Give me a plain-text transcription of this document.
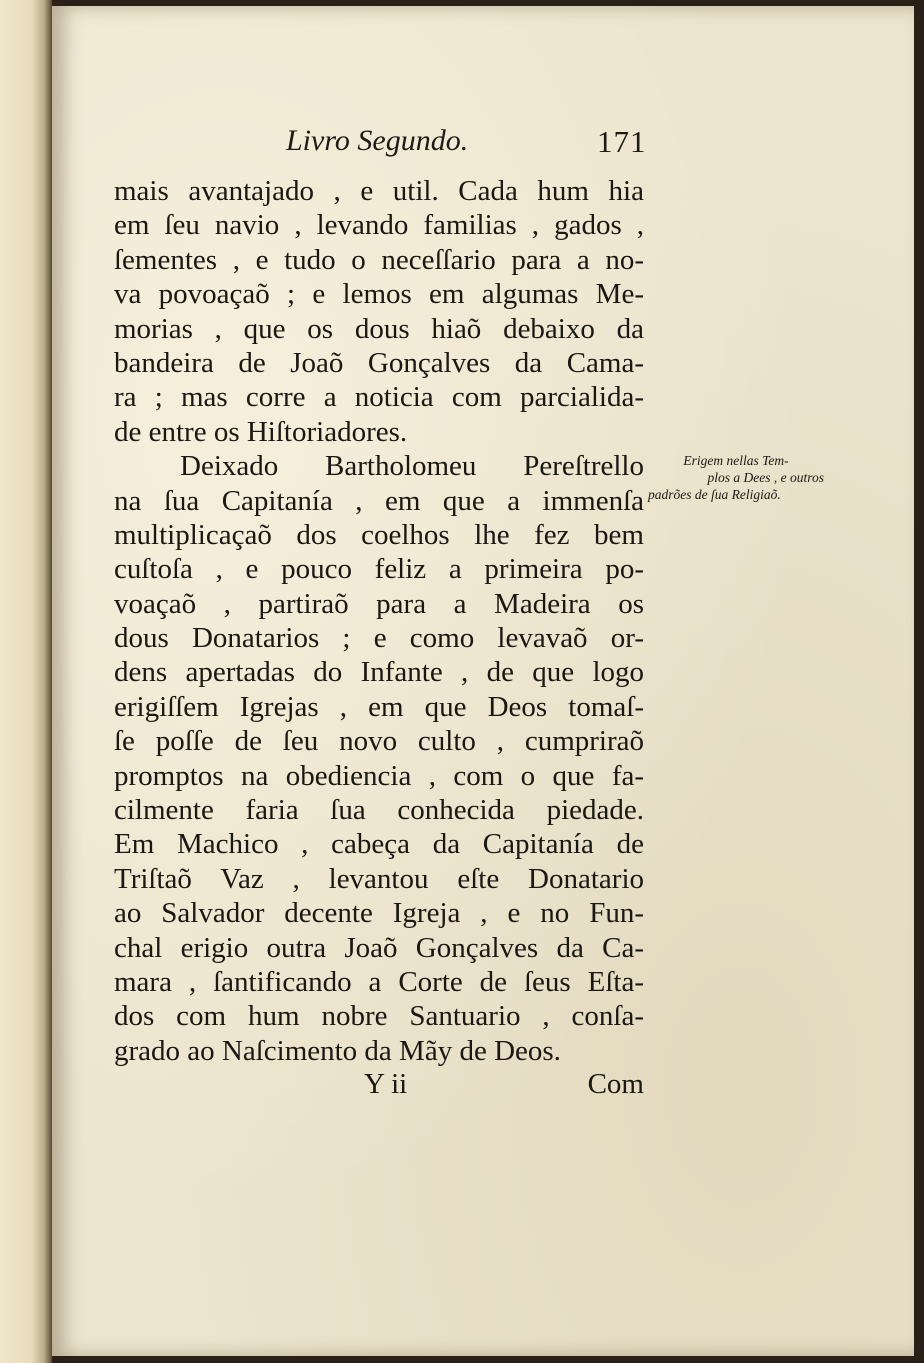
Livro Segundo.	171
mais avantajado , e util. Cada hum hia
em ſeu navio , levando familias , gados ,
ſementes , e tudo o neceſſario para a no-
va povoaçaõ ; e lemos em algumas Me-
morias , que os dous hiaõ debaixo da
bandeira de Joaõ Gonçalves da Cama-
ra ; mas corre a noticia com parcialida-
de entre os Hiſtoriadores.
Deixado Bartholomeu Pereſtrello
na ſua Capitanía , em que a immenſa
multiplicaçaõ dos coelhos lhe fez bem
cuſtoſa , e pouco feliz a primeira po-
voaçaõ , partiraõ para a Madeira os
dous Donatarios ; e como levavaõ or-
dens apertadas do Infante , de que logo
erigiſſem Igrejas , em que Deos tomaſ-
ſe poſſe de ſeu novo culto , cumpriraõ
promptos na obediencia , com o que fa-
cilmente faria ſua conhecida piedade.
Em Machico , cabeça da Capitanía de
Triſtaõ Vaz , levantou eſte Donatario
ao Salvador decente Igreja , e no Fun-
chal erigio outra Joaõ Gonçalves da Ca-
mara , ſantificando a Corte de ſeus Eſta-
dos com hum nobre Santuario , conſa-
grado ao Naſcimento da Mãy de Deos.
Y ii	Com
Erigem nellas Tem-
plos a Dees , e outros
padrões de ſua Religiaõ.
